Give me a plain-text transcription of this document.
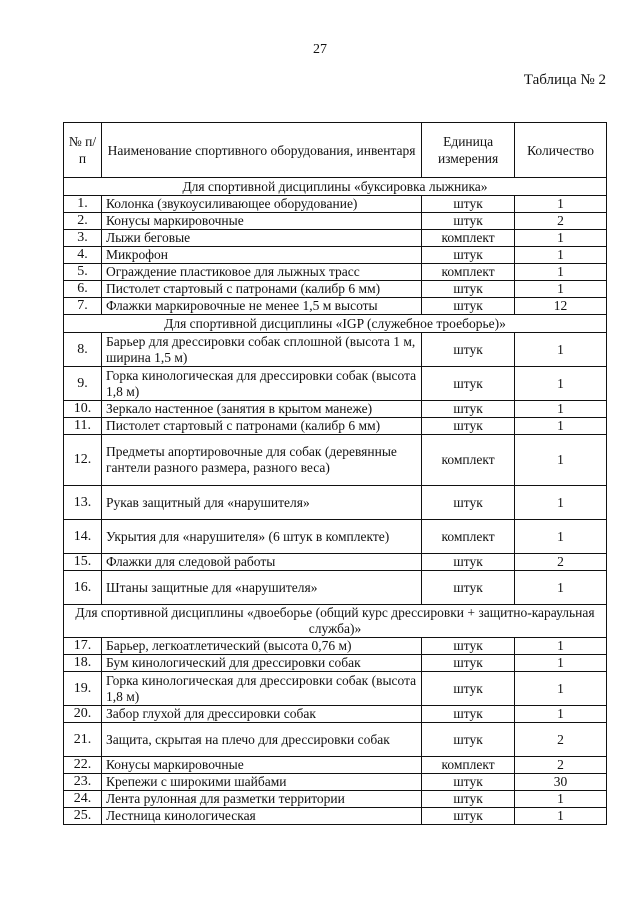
27
Таблица № 2
№ п/п	Наименование спортивного оборудования, инвентаря	Единица измерения	Количество
Для спортивной дисциплины «буксировка лыжника»			
1.	Колонка (звукоусиливающее оборудование)	штук	1
2.	Конусы маркировочные	штук	2
3.	Лыжи беговые	комплект	1
4.	Микрофон	штук	1
5.	Ограждение пластиковое для лыжных трасс	комплект	1
6.	Пистолет стартовый с патронами (калибр 6 мм)	штук	1
7.	Флажки маркировочные не менее 1,5 м высоты	штук	12
Для спортивной дисциплины «IGP (служебное троеборье)»			
8.	Барьер для дрессировки собак сплошной (высота 1 м, ширина 1,5 м)	штук	1
9.	Горка кинологическая для дрессировки собак (высота 1,8 м)	штук	1
10.	Зеркало настенное (занятия в крытом манеже)	штук	1
11.	Пистолет стартовый с патронами (калибр 6 мм)	штук	1
12.	Предметы апортировочные для собак (деревянные гантели разного размера, разного веса)	комплект	1
13.	Рукав защитный для «нарушителя»	штук	1
14.	Укрытия для «нарушителя» (6 штук в комплекте)	комплект	1
15.	Флажки для следовой работы	штук	2
16.	Штаны защитные для «нарушителя»	штук	1
Для спортивной дисциплины «двоеборье (общий курс дрессировки + защитно-караульная служба)»			
17.	Барьер, легкоатлетический (высота 0,76 м)	штук	1
18.	Бум кинологический для дрессировки собак	штук	1
19.	Горка кинологическая для дрессировки собак (высота 1,8 м)	штук	1
20.	Забор глухой для дрессировки собак	штук	1
21.	Защита, скрытая на плечо для дрессировки собак	штук	2
22.	Конусы маркировочные	комплект	2
23.	Крепежи с широкими шайбами	штук	30
24.	Лента рулонная для разметки территории	штук	1
25.	Лестница кинологическая	штук	1
